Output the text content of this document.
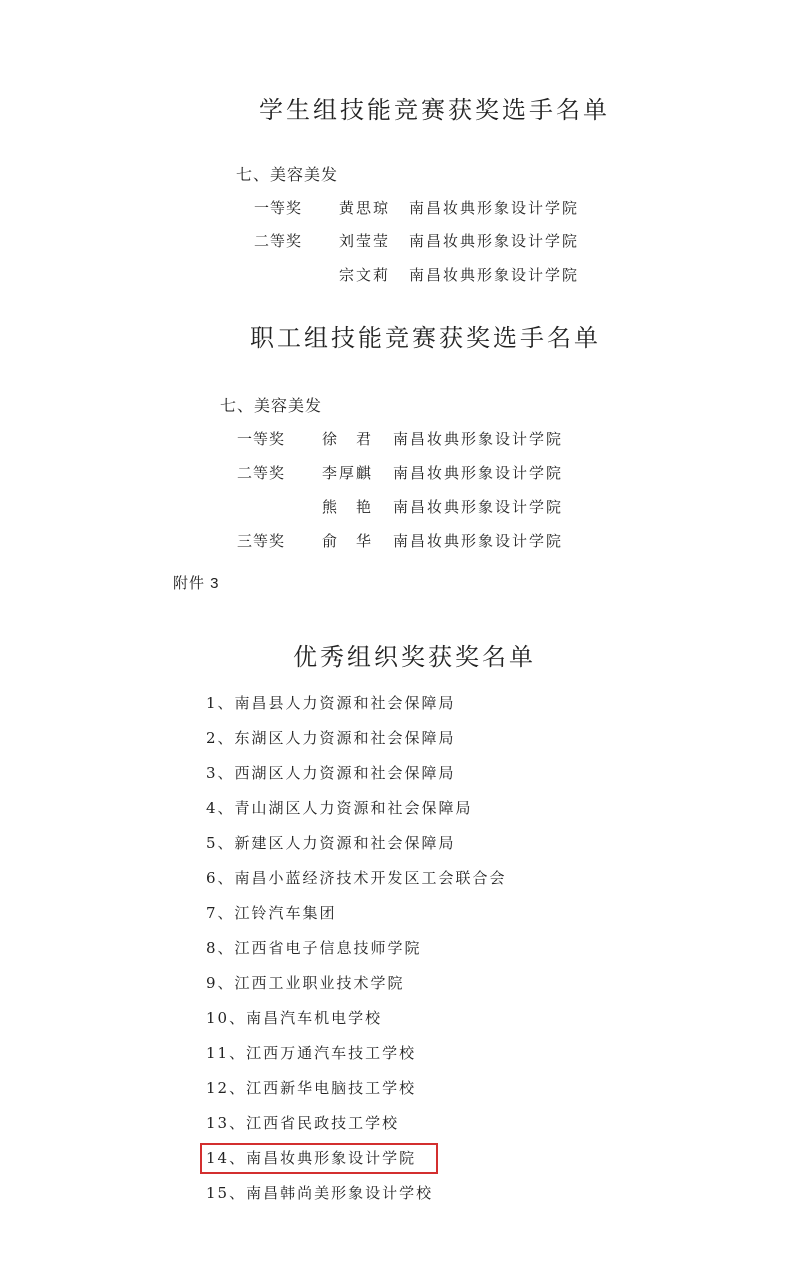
学生组技能竞赛获奖选手名单
七、美容美发
一等奖	黄思琼	南昌妆典形象设计学院
二等奖	刘莹莹	南昌妆典形象设计学院
宗文莉	南昌妆典形象设计学院
职工组技能竞赛获奖选手名单
七、美容美发
一等奖	徐　君	南昌妆典形象设计学院
二等奖	李厚麒	南昌妆典形象设计学院
熊　艳	南昌妆典形象设计学院
三等奖	俞　华	南昌妆典形象设计学院
附件 3
优秀组织奖获奖名单
1、南昌县人力资源和社会保障局
2、东湖区人力资源和社会保障局
3、西湖区人力资源和社会保障局
4、青山湖区人力资源和社会保障局
5、新建区人力资源和社会保障局
6、南昌小蓝经济技术开发区工会联合会
7、江铃汽车集团
8、江西省电子信息技师学院
9、江西工业职业技术学院
10、南昌汽车机电学校
11、江西万通汽车技工学校
12、江西新华电脑技工学校
13、江西省民政技工学校
14、南昌妆典形象设计学院
15、南昌韩尚美形象设计学校
